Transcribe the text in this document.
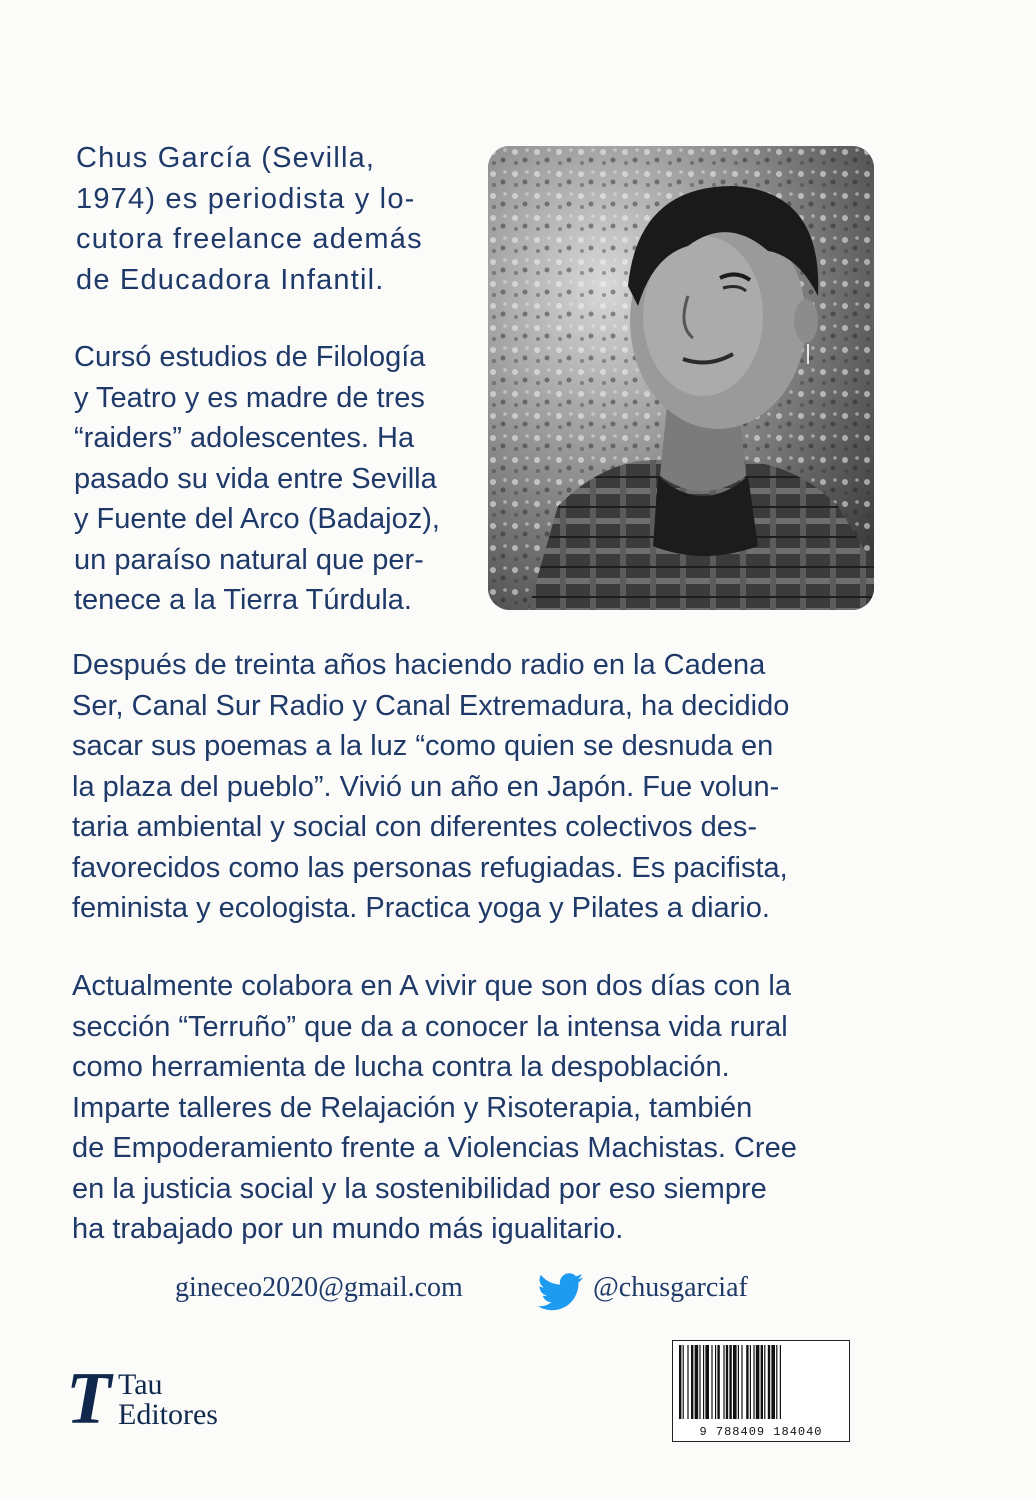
Chus García (Sevilla,
1974) es periodista y lo-
cutora freelance además
de Educadora Infantil.

Cursó estudios de Filología
y Teatro y es madre de tres
“raiders” adolescentes. Ha
pasado su vida entre Sevilla
y Fuente del Arco (Badajoz),
un paraíso natural que per-
tenece a la Tierra Túrdula.

Después de treinta años haciendo radio en la Cadena
Ser, Canal Sur Radio y Canal Extremadura, ha decidido
sacar sus poemas a la luz “como quien se desnuda en
la plaza del pueblo”. Vivió un año en Japón. Fue volun-
taria ambiental y social con diferentes colectivos des-
favorecidos como las personas refugiadas. Es pacifista,
feminista y ecologista. Practica yoga y Pilates a diario.

Actualmente colabora en A vivir que son dos días con la
sección “Terruño” que da a conocer la intensa vida rural
como herramienta de lucha contra la despoblación.
Imparte talleres de Relajación y Risoterapia, también
de Empoderamiento frente a Violencias Machistas. Cree
en la justicia social y la sostenibilidad por eso siempre
ha trabajado por un mundo más igualitario.

gineceo2020@gmail.com	@chusgarciaf
T Tau
Editores
9 788409 184040
